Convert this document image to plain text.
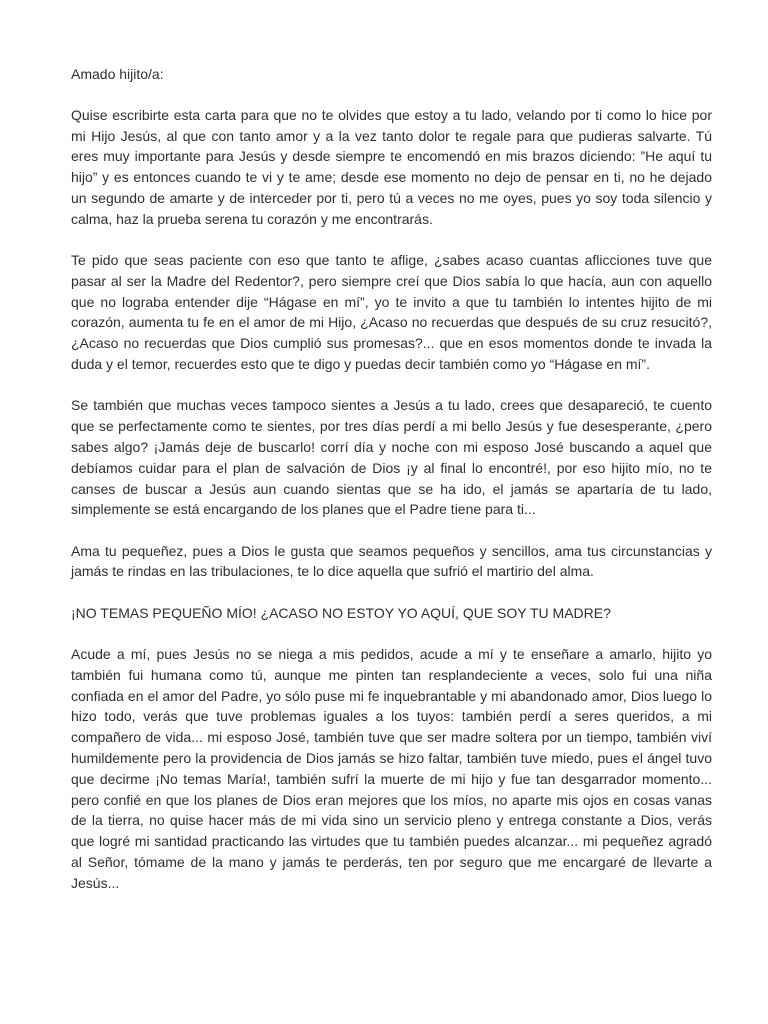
Amado hijito/a:

Quise escribirte esta carta para que no te olvides que estoy a tu lado, velando por ti como lo hice por mi Hijo Jesús, al que con tanto amor y a la vez tanto dolor te regale para que pudieras salvarte. Tú eres muy importante para Jesús y desde siempre te encomendó en mis brazos diciendo: ”He aquí tu hijo” y es entonces cuando te vi y te ame; desde ese momento no dejo de pensar en ti, no he dejado un segundo de amarte y de interceder por ti, pero tú a veces no me oyes, pues yo soy toda silencio y calma, haz la prueba serena tu corazón y me encontrarás.

Te pido que seas paciente con eso que tanto te aflige, ¿sabes acaso cuantas aflicciones tuve que pasar al ser la Madre del Redentor?, pero siempre creí que Dios sabía lo que hacía, aun con aquello que no lograba entender dije “Hágase en mí”, yo te invito a que tu también lo intentes hijito de mi corazón, aumenta tu fe en el amor de mi Hijo, ¿Acaso no recuerdas que después de su cruz resucitó?, ¿Acaso no recuerdas que Dios cumplió sus promesas?... que en esos momentos donde te invada la duda y el temor, recuerdes esto que te digo y puedas decir también como yo “Hágase en mí”.

Se también que muchas veces tampoco sientes a Jesús a tu lado, crees que desapareció, te cuento que se perfectamente como te sientes, por tres días perdí a mi bello Jesús y fue desesperante, ¿pero sabes algo? ¡Jamás deje de buscarlo! corrí día y noche con mi esposo José buscando a aquel que debíamos cuidar para el plan de salvación de Dios ¡y al final lo encontré!, por eso hijito mío, no te canses de buscar a Jesús aun cuando sientas que se ha ido, el jamás se apartaría de tu lado, simplemente se está encargando de los planes que el Padre tiene para ti...

Ama tu pequeñez, pues a Dios le gusta que seamos pequeños y sencillos, ama tus circunstancias y jamás te rindas en las tribulaciones, te lo dice aquella que sufrió el martirio del alma.

¡NO TEMAS PEQUEÑO MÍO! ¿ACASO NO ESTOY YO AQUÍ, QUE SOY TU MADRE?

Acude a mí, pues Jesús no se niega a mis pedidos, acude a mí y te enseñare a amarlo, hijito yo también fui humana como tú, aunque me pinten tan resplandeciente a veces, solo fui una niña confiada en el amor del Padre, yo sólo puse mi fe inquebrantable y mi abandonado amor, Dios luego lo hizo todo, verás que tuve problemas iguales a los tuyos: también perdí a seres queridos, a mi compañero de vida... mi esposo José, también tuve que ser madre soltera por un tiempo, también viví humildemente pero la providencia de Dios jamás se hizo faltar, también tuve miedo, pues el ángel tuvo que decirme ¡No temas María!, también sufrí la muerte de mi hijo y fue tan desgarrador momento... pero confié en que los planes de Dios eran mejores que los míos, no aparte mis ojos en cosas vanas de la tierra, no quise hacer más de mi vida sino un servicio pleno y entrega constante a Dios, verás que logré mi santidad practicando las virtudes que tu también puedes alcanzar... mi pequeñez agradó al Señor, tómame de la mano y jamás te perderás, ten por seguro que me encargaré de llevarte a Jesús...
